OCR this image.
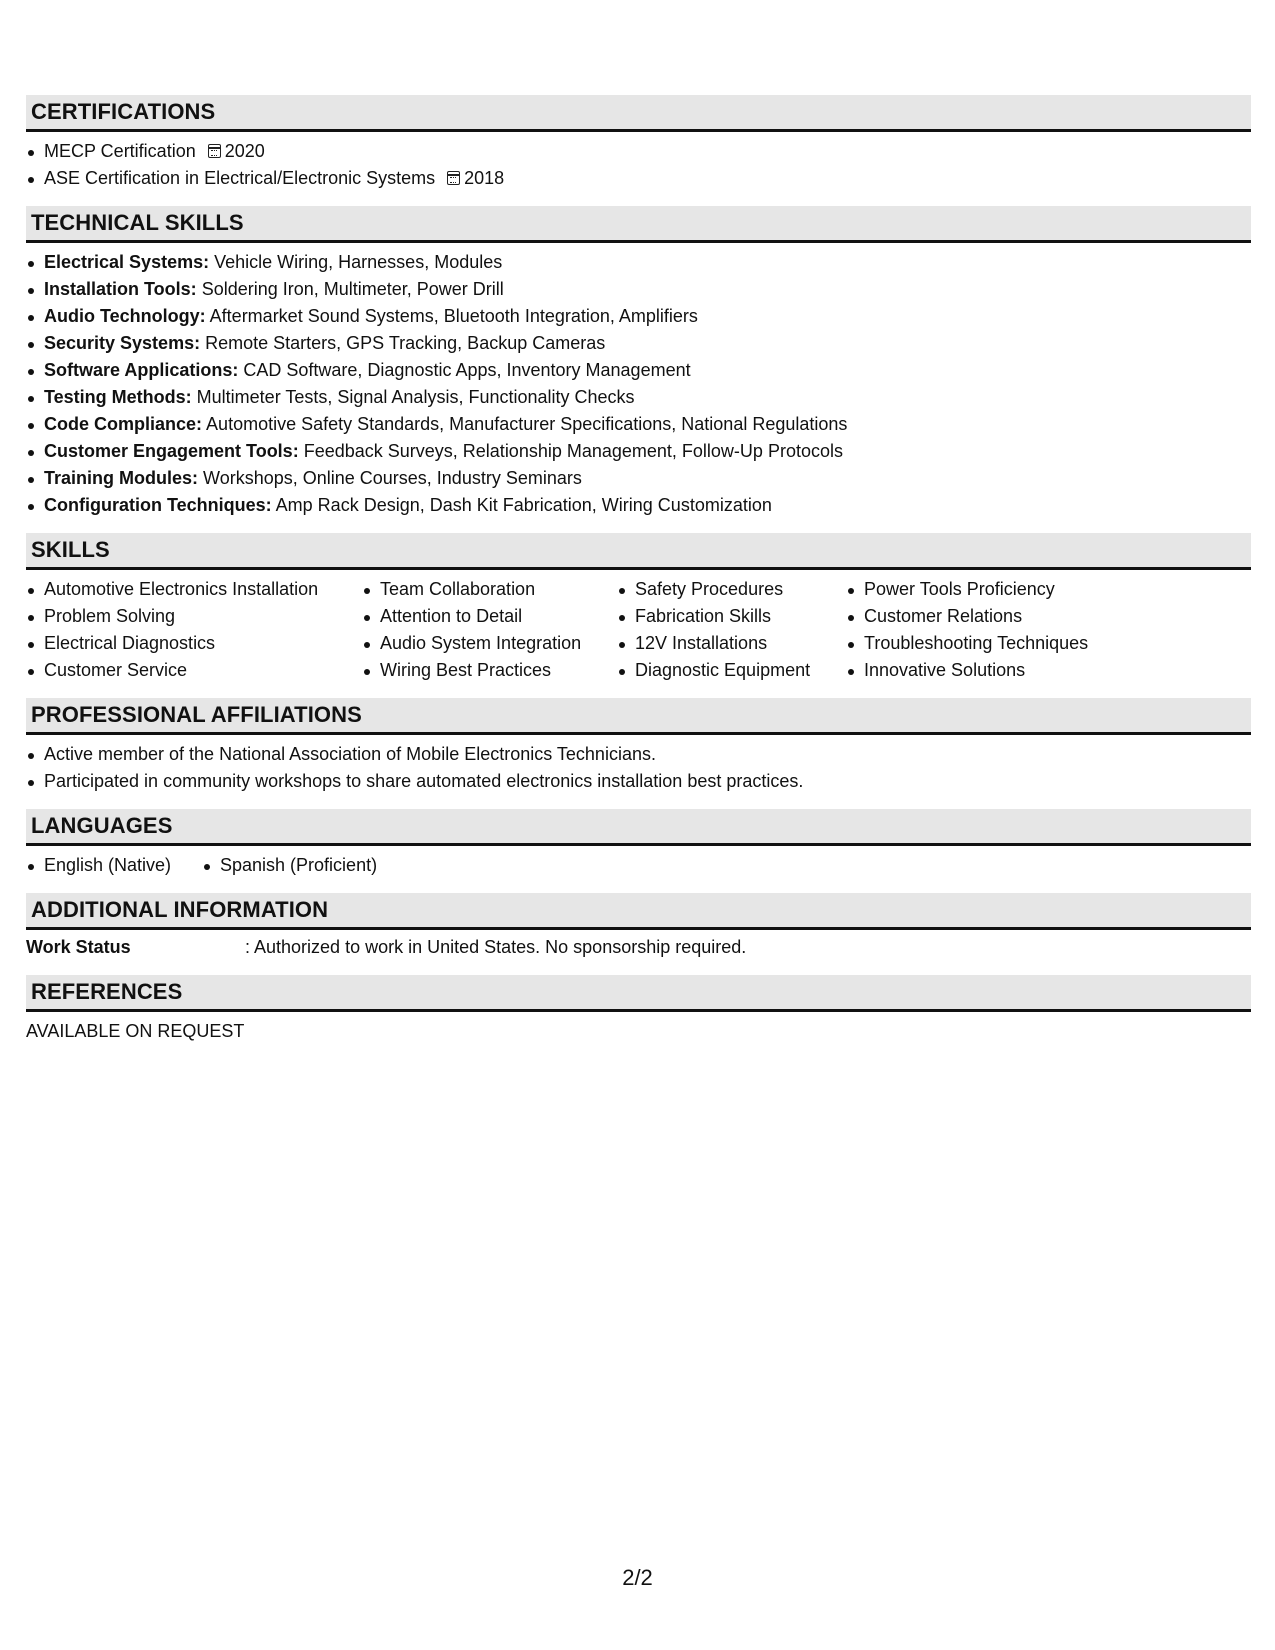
CERTIFICATIONS
MECP Certification 2020
ASE Certification in Electrical/Electronic Systems 2018
TECHNICAL SKILLS
Electrical Systems: Vehicle Wiring, Harnesses, Modules
Installation Tools: Soldering Iron, Multimeter, Power Drill
Audio Technology: Aftermarket Sound Systems, Bluetooth Integration, Amplifiers
Security Systems: Remote Starters, GPS Tracking, Backup Cameras
Software Applications: CAD Software, Diagnostic Apps, Inventory Management
Testing Methods: Multimeter Tests, Signal Analysis, Functionality Checks
Code Compliance: Automotive Safety Standards, Manufacturer Specifications, National Regulations
Customer Engagement Tools: Feedback Surveys, Relationship Management, Follow-Up Protocols
Training Modules: Workshops, Online Courses, Industry Seminars
Configuration Techniques: Amp Rack Design, Dash Kit Fabrication, Wiring Customization
SKILLS
Automotive Electronics Installation
Problem Solving
Electrical Diagnostics
Customer Service
Team Collaboration
Attention to Detail
Audio System Integration
Wiring Best Practices
Safety Procedures
Fabrication Skills
12V Installations
Diagnostic Equipment
Power Tools Proficiency
Customer Relations
Troubleshooting Techniques
Innovative Solutions
PROFESSIONAL AFFILIATIONS
Active member of the National Association of Mobile Electronics Technicians.
Participated in community workshops to share automated electronics installation best practices.
LANGUAGES
English (Native)	Spanish (Proficient)
ADDITIONAL INFORMATION
Work Status	: Authorized to work in United States. No sponsorship required.
REFERENCES
AVAILABLE ON REQUEST
2/2
